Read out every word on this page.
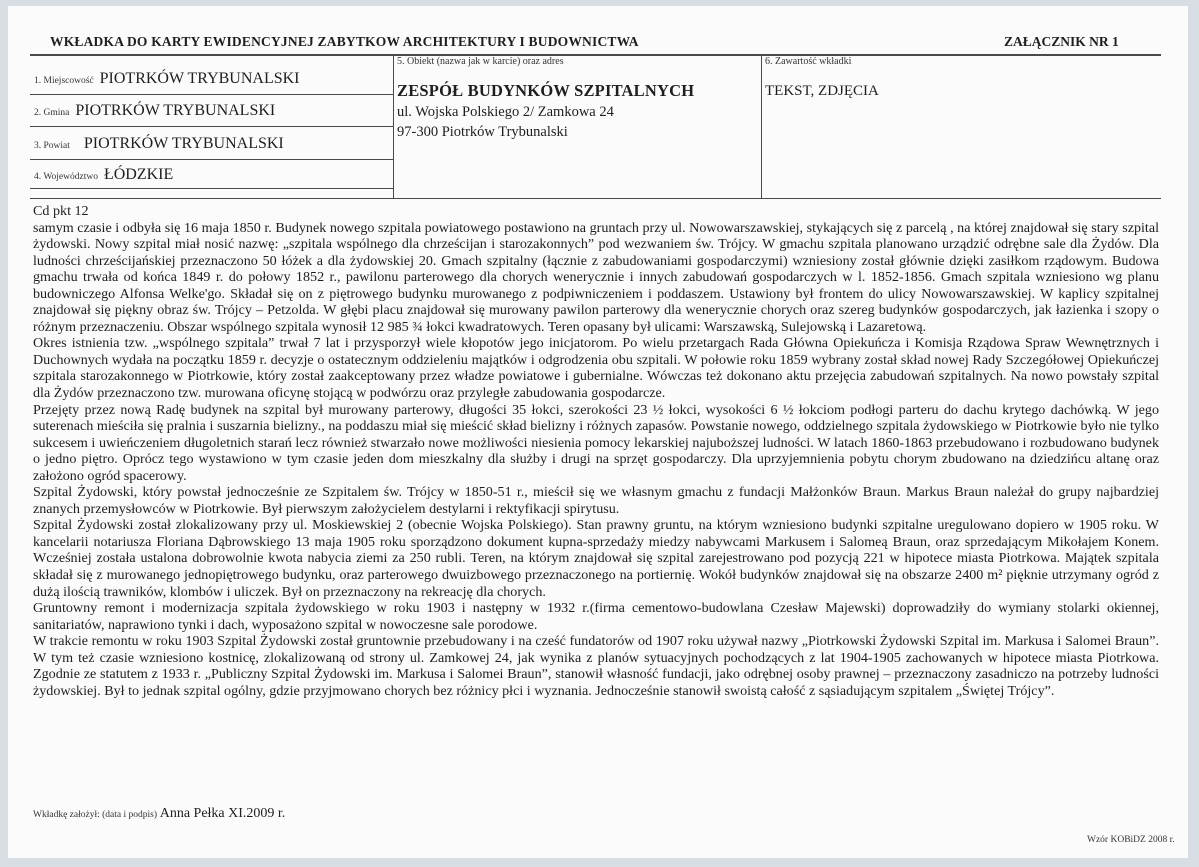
WKŁADKA DO KARTY EWIDENCYJNEJ ZABYTKOW ARCHITEKTURY I BUDOWNICTWA	ZAŁĄCZNIK NR 1
1. Miejscowość PIOTRKÓW TRYBUNALSKI
2. Gmina PIOTRKÓW TRYBUNALSKI
3. Powiat PIOTRKÓW TRYBUNALSKI
4. Województwo ŁÓDZKIE
5. Obiekt (nazwa jak w karcie) oraz adres
ZESPÓŁ BUDYNKÓW SZPITALNYCH
ul. Wojska Polskiego 2/ Zamkowa 24
97-300 Piotrków Trybunalski
6. Zawartość wkładki
TEKST, ZDJĘCIA

Cd pkt 12

samym czasie i odbyła się 16 maja 1850 r. Budynek nowego szpitala powiatowego postawiono na gruntach przy ul. Nowowarszawskiej, stykających się z parcelą , na której znajdował się stary szpital żydowski. Nowy szpital miał nosić nazwę: „szpitala wspólnego dla chrześcijan i starozakonnych” pod wezwaniem św. Trójcy. W gmachu szpitala planowano urządzić odrębne sale dla Żydów. Dla ludności chrześcijańskiej przeznaczono 50 łóżek a dla żydowskiej 20. Gmach szpitalny (łącznie z zabudowaniami gospodarczymi) wzniesiony został głównie dzięki zasiłkom rządowym. Budowa gmachu trwała od końca 1849 r. do połowy 1852 r., pawilonu parterowego dla chorych wenerycznie i innych zabudowań gospodarczych w l. 1852-1856. Gmach szpitala wzniesiono wg planu budowniczego Alfonsa Welke'go. Składał się on z piętrowego budynku murowanego z podpiwniczeniem i poddaszem. Ustawiony był frontem do ulicy Nowowarszawskiej. W kaplicy szpitalnej znajdował się piękny obraz św. Trójcy – Petzolda. W głębi placu znajdował się murowany pawilon parterowy dla wenerycznie chorych oraz szereg budynków gospodarczych, jak łazienka i szopy o różnym przeznaczeniu. Obszar wspólnego szpitala wynosił 12 985 ¾ łokci kwadratowych. Teren opasany był ulicami: Warszawską, Sulejowską i Lazaretową.

Okres istnienia tzw. „wspólnego szpitala” trwał 7 lat i przysporzył wiele kłopotów jego inicjatorom. Po wielu przetargach Rada Główna Opiekuńcza i Komisja Rządowa Spraw Wewnętrznych i Duchownych wydała na początku 1859 r. decyzje o ostatecznym oddzieleniu majątków i odgrodzenia obu szpitali. W połowie roku 1859 wybrany został skład nowej Rady Szczegółowej Opiekuńczej szpitala starozakonnego w Piotrkowie, który został zaakceptowany przez władze powiatowe i gubernialne. Wówczas też dokonano aktu przejęcia zabudowań szpitalnych. Na nowo powstały szpital dla Żydów przeznaczono tzw. murowana oficynę stojącą w podwórzu oraz przyległe zabudowania gospodarcze.

Przejęty przez nową Radę budynek na szpital był murowany parterowy, długości 35 łokci, szerokości 23 ½ łokci, wysokości 6 ½ łokciom podłogi parteru do dachu krytego dachówką. W jego suterenach mieściła się pralnia i suszarnia bielizny., na poddaszu miał się mieścić skład bielizny i różnych zapasów. Powstanie nowego, oddzielnego szpitala żydowskiego w Piotrkowie było nie tylko sukcesem i uwieńczeniem długoletnich starań lecz również stwarzało nowe możliwości niesienia pomocy lekarskiej najuboższej ludności. W latach 1860-1863 przebudowano i rozbudowano budynek o jedno piętro. Oprócz tego wystawiono w tym czasie jeden dom mieszkalny dla służby i drugi na sprzęt gospodarczy. Dla uprzyjemnienia pobytu chorym zbudowano na dziedzińcu altanę oraz założono ogród spacerowy.

Szpital Żydowski, który powstał jednocześnie ze Szpitalem św. Trójcy w 1850-51 r., mieścił się we własnym gmachu z fundacji Małżonków Braun. Markus Braun należał do grupy najbardziej znanych przemysłowców w Piotrkowie. Był pierwszym założycielem destylarni i rektyfikacji spirytusu.

Szpital Żydowski został zlokalizowany przy ul. Moskiewskiej 2 (obecnie Wojska Polskiego). Stan prawny gruntu, na którym wzniesiono budynki szpitalne uregulowano dopiero w 1905 roku. W kancelarii notariusza Floriana Dąbrowskiego 13 maja 1905 roku sporządzono dokument kupna-sprzedaży miedzy nabywcami Markusem i Salomeą Braun, oraz sprzedającym Mikołajem Konem. Wcześniej została ustalona dobrowolnie kwota nabycia ziemi za 250 rubli. Teren, na którym znajdował się szpital zarejestrowano pod pozycją 221 w hipotece miasta Piotrkowa. Majątek szpitala składał się z murowanego jednopiętrowego budynku, oraz parterowego dwuizbowego przeznaczonego na portiernię. Wokół budynków znajdował się na obszarze 2400 m² pięknie utrzymany ogród z dużą ilością trawników, klombów i uliczek. Był on przeznaczony na rekreację dla chorych.

Gruntowny remont i modernizacja szpitala żydowskiego w roku 1903 i następny w 1932 r.(firma cementowo-budowlana Czesław Majewski) doprowadziły do wymiany stolarki okiennej, sanitariatów, naprawiono tynki i dach, wyposażono szpital w nowoczesne sale porodowe.

W trakcie remontu w roku 1903 Szpital Żydowski został gruntownie przebudowany i na cześć fundatorów od 1907 roku używał nazwy „Piotrkowski Żydowski Szpital im. Markusa i Salomei Braun”. W tym też czasie wzniesiono kostnicę, zlokalizowaną od strony ul. Zamkowej 24, jak wynika z planów sytuacyjnych pochodzących z lat 1904-1905 zachowanych w hipotece miasta Piotrkowa. Zgodnie ze statutem z 1933 r. „Publiczny Szpital Żydowski im. Markusa i Salomei Braun”, stanowił własność fundacji, jako odrębnej osoby prawnej – przeznaczony zasadniczo na potrzeby ludności żydowskiej. Był to jednak szpital ogólny, gdzie przyjmowano chorych bez różnicy płci i wyznania. Jednocześnie stanowił swoistą całość z sąsiadującym szpitalem „Świętej Trójcy”.

Wkładkę założył: (data i podpis) Anna Pełka XI.2009 r.
Wzór KOBiDZ 2008 r.
